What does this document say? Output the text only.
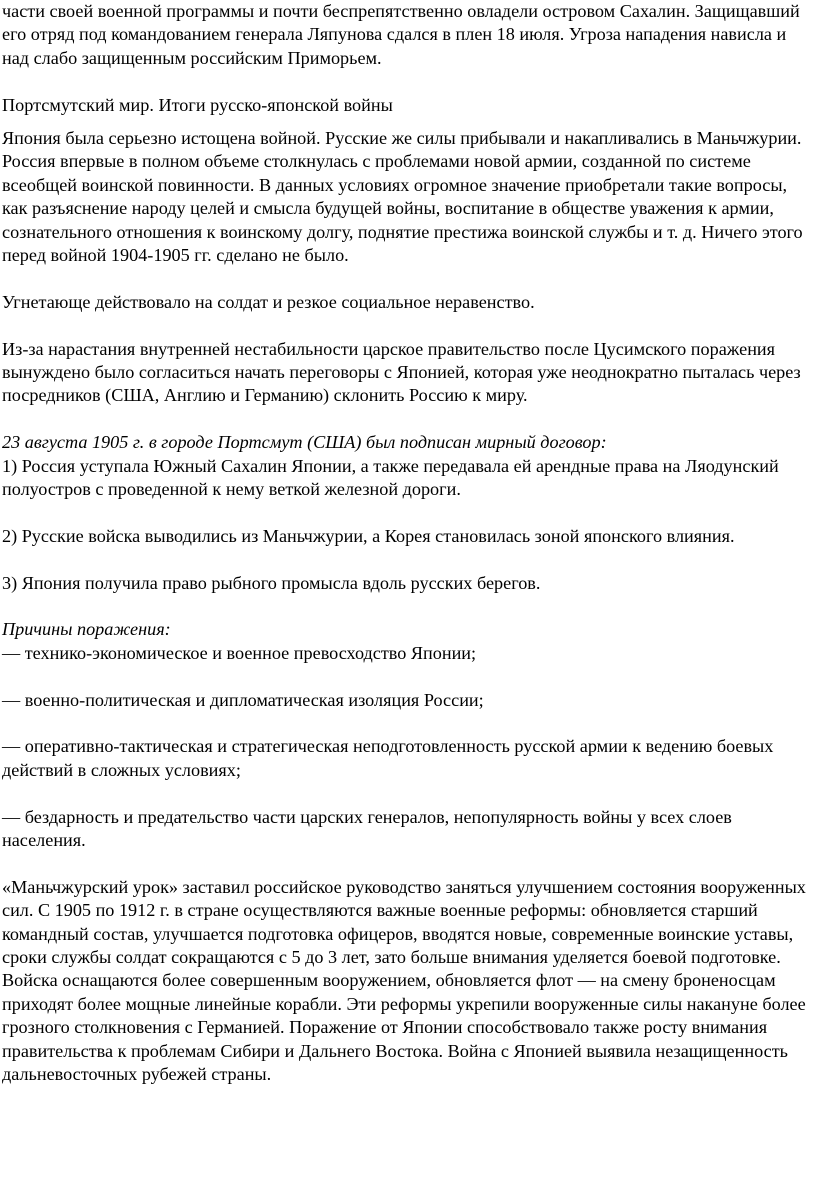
части своей военной программы и почти беспрепятственно овладели островом Сахалин. Защищавший его отряд под командованием генерала Ляпунова сдался в плен 18 июля. Угроза нападения нависла и над слабо защищенным российским Приморьем.

Портсмутский мир. Итоги русско-японской войны

Япония была серьезно истощена войной. Русские же силы прибывали и накапливались в Маньчжурии. Россия впервые в полном объеме столкнулась с проблемами новой армии, созданной по системе всеобщей воинской повинности. В данных условиях огромное значение приобретали такие вопросы, как разъяснение народу целей и смысла будущей войны, воспитание в обществе уважения к армии, сознательного отношения к воинскому долгу, поднятие престижа воинской службы и т. д. Ничего этого перед войной 1904-1905 гг. сделано не было.

Угнетающе действовало на солдат и резкое социальное неравенство.

Из-за нарастания внутренней нестабильности царское правительство после Цусимского поражения вынуждено было согласиться начать переговоры с Японией, которая уже неоднократно пыталась через посредников (США, Англию и Германию) склонить Россию к миру.

23 августа 1905 г. в городе Портсмут (США) был подписан мирный договор:

1) Россия уступала Южный Сахалин Японии, а также передавала ей арендные права на Ляодунский полуостров с проведенной к нему веткой железной дороги.

2) Русские войска выводились из Маньчжурии, а Корея становилась зоной японского влияния.

3) Япония получила право рыбного промысла вдоль русских берегов.

Причины поражения:

— технико-экономическое и военное превосходство Японии;

— военно-политическая и дипломатическая изоляция России;

— оперативно-тактическая и стратегическая неподготовленность русской армии к ведению боевых действий в сложных условиях;

— бездарность и предательство части царских генералов, непопулярность войны у всех слоев населения.

«Маньчжурский урок» заставил российское руководство заняться улучшением состояния вооруженных сил. С 1905 по 1912 г. в стране осуществляются важные военные реформы: обновляется старший командный состав, улучшается подготовка офицеров, вводятся новые, современные воинские уставы, сроки службы солдат сокращаются с 5 до 3 лет, зато больше внимания уделяется боевой подготовке. Войска оснащаются более совершенным вооружением, обновляется флот — на смену броненосцам приходят более мощные линейные корабли. Эти реформы укрепили вооруженные силы накануне более грозного столкновения с Германией. Поражение от Японии способствовало также росту внимания правительства к проблемам Сибири и Дальнего Востока. Война с Японией выявила незащищенность дальневосточных рубежей страны.
